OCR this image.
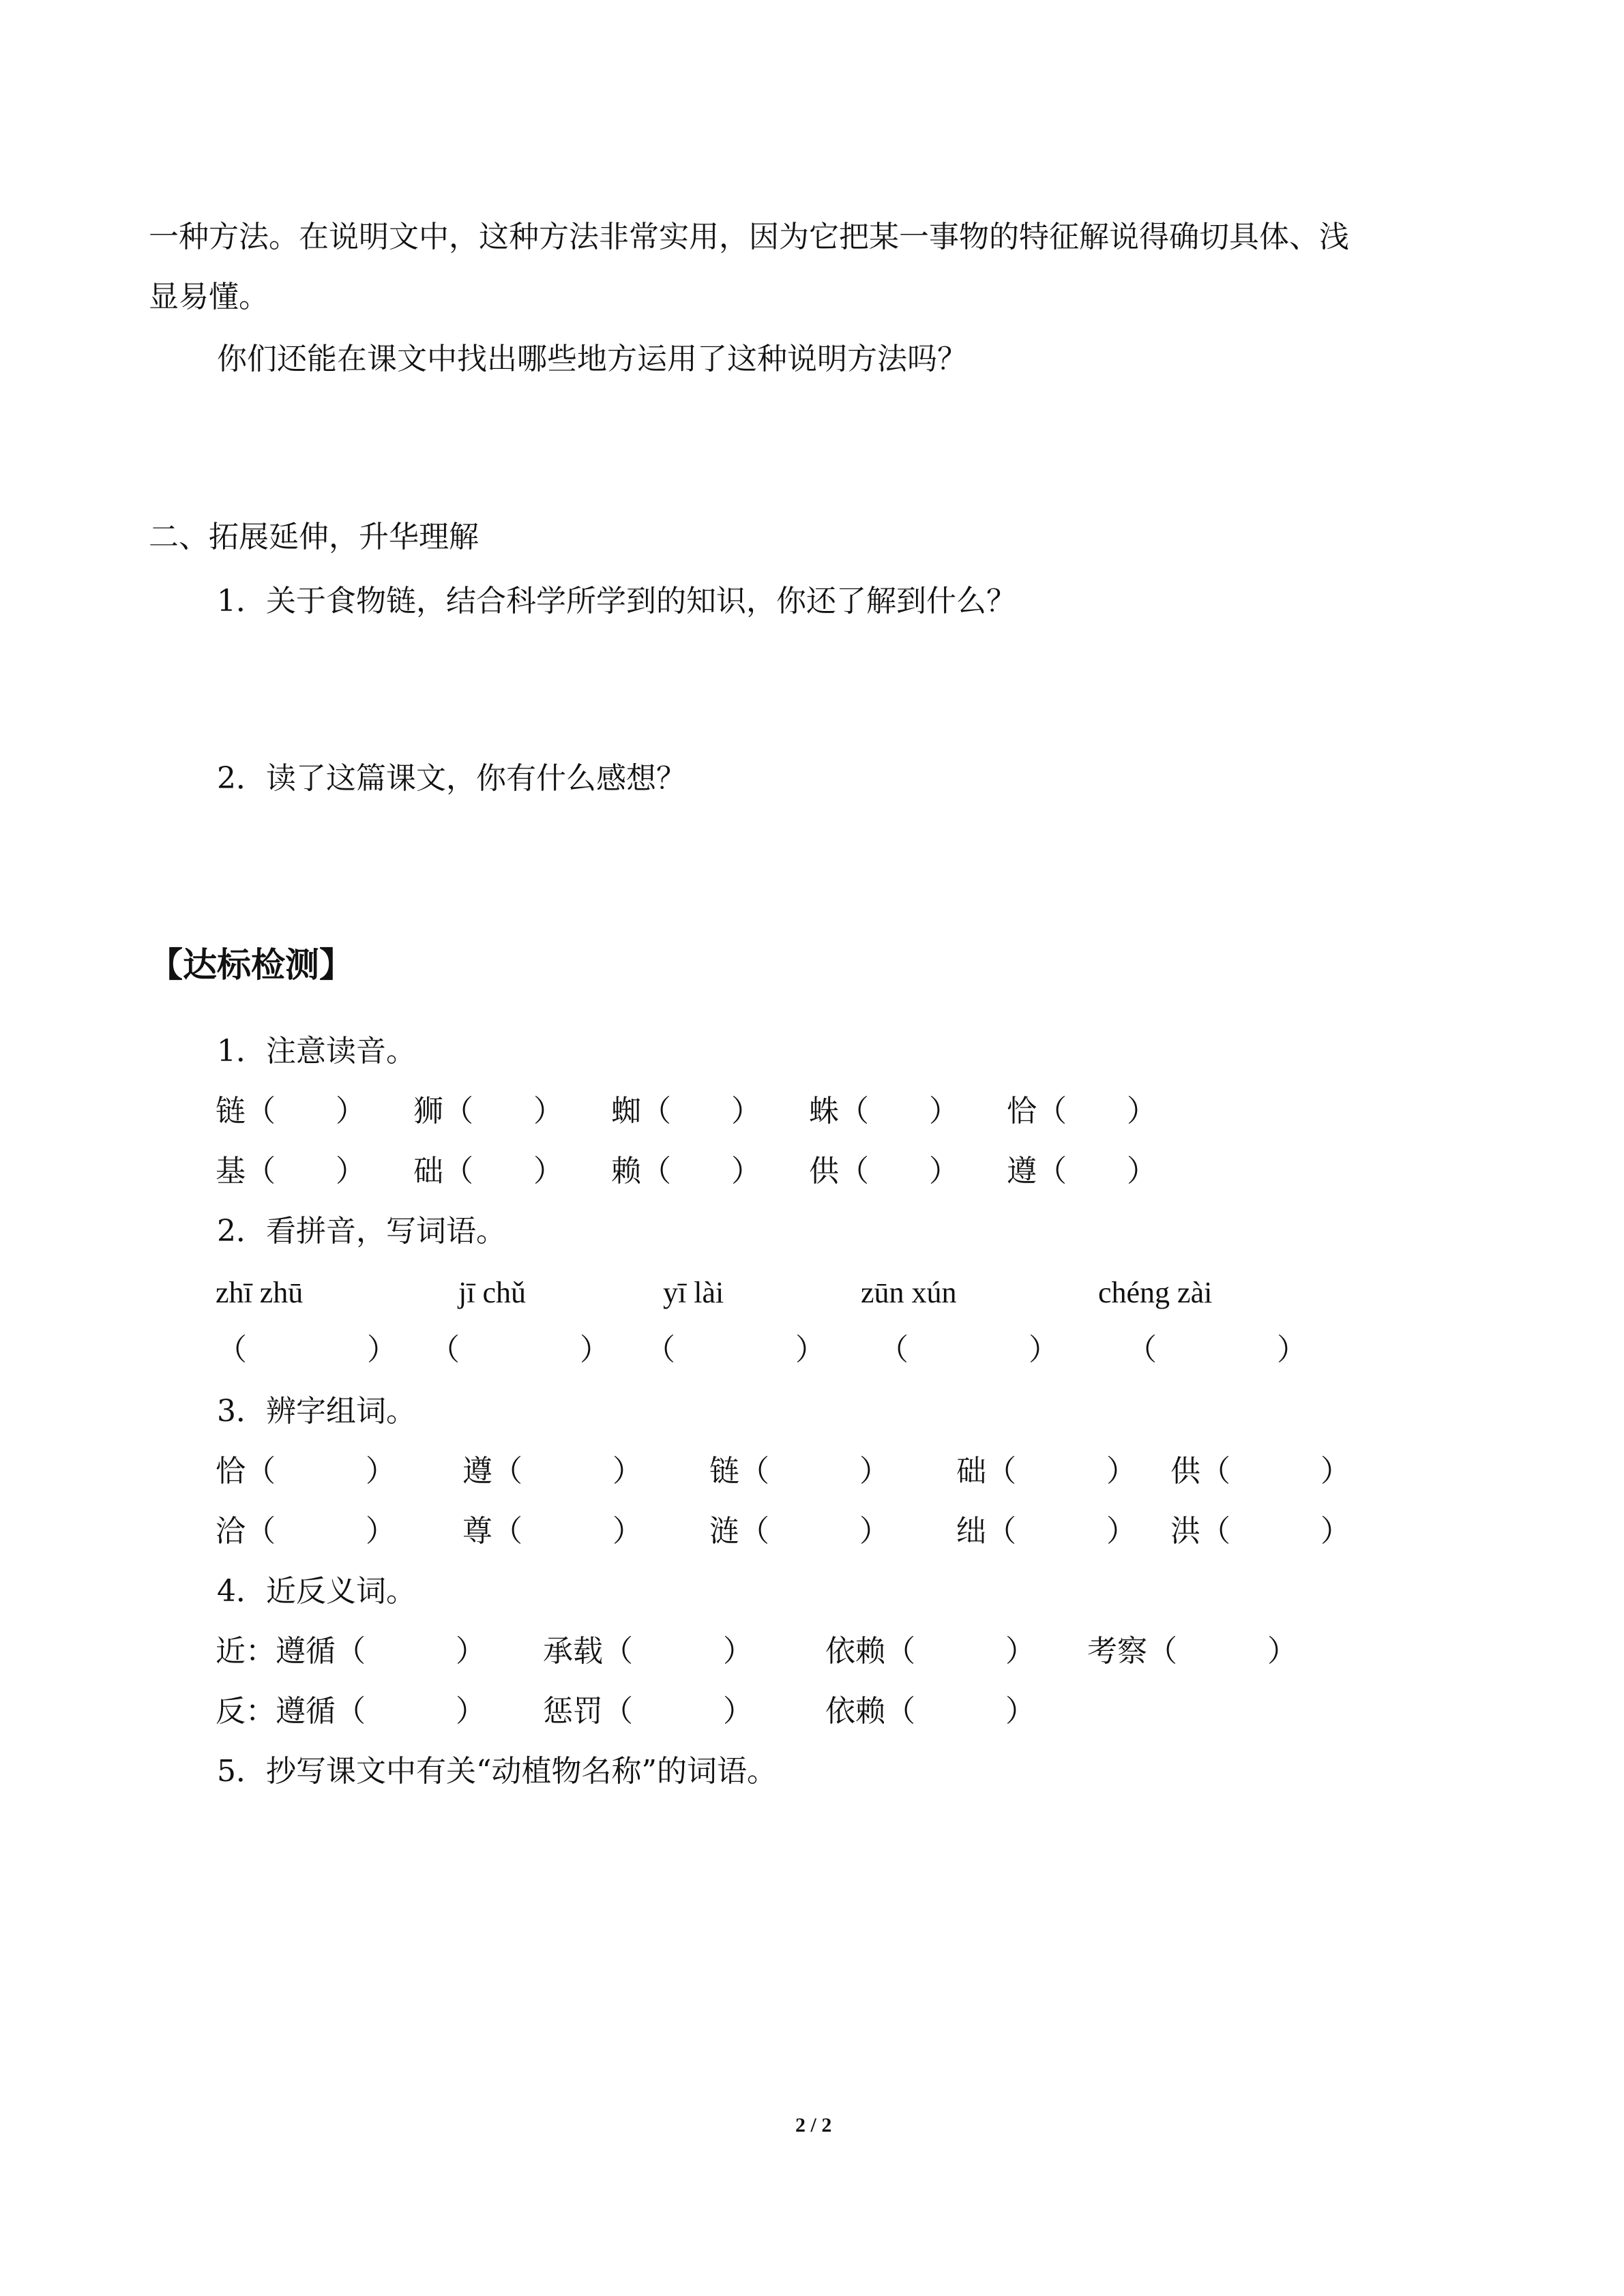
一种方法。在说明文中，这种方法非常实用，因为它把某一事物的特征解说得确切具体、浅
显易懂。
你们还能在课文中找出哪些地方运用了这种说明方法吗？
二、拓展延伸，升华理解
1．关于食物链，结合科学所学到的知识，你还了解到什么？
2．读了这篇课文，你有什么感想？
【达标检测】
1．注意读音。
链（　　） 狮（　　） 蜘（　　） 蛛（　　） 恰（　　）
基（　　） 础（　　） 赖（　　） 供（　　） 遵（　　）
2．看拼音，写词语。
zhī zhū	jī chǔ	yī lài	zūn xún	chéng zài
（　　　　） （　　　　） （　　　　） （　　　　） （　　　　）
3．辨字组词。
恰（　　　） 遵（　　　） 链（　　　） 础（　　　） 供（　　　）
洽（　　　） 尊（　　　） 涟（　　　） 绌（　　　） 洪（　　　）
4．近反义词。
近：遵循（　　　） 承载（　　　） 依赖（　　　） 考察（　　　）
反：遵循（　　　） 惩罚（　　　） 依赖（　　　）
5．抄写课文中有关“动植物名称”的词语。
2 / 2
